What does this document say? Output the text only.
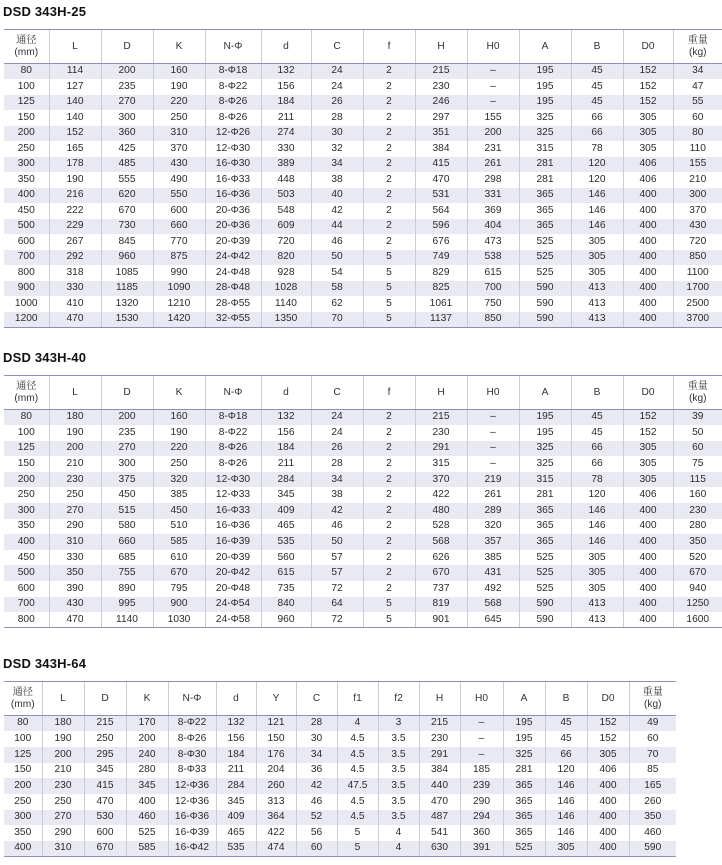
DSD 343H-25
通径
(mm)	L	D	K	N-Φ	d	C	f	H	H0	A	B	D0	重量
(kg)
80	114	200	160	8-Φ18	132	24	2	215	–	195	45	152	34
100	127	235	190	8-Φ22	156	24	2	230	–	195	45	152	47
125	140	270	220	8-Φ26	184	26	2	246	–	195	45	152	55
150	140	300	250	8-Φ26	211	28	2	297	155	325	66	305	60
200	152	360	310	12-Φ26	274	30	2	351	200	325	66	305	80
250	165	425	370	12-Φ30	330	32	2	384	231	315	78	305	110
300	178	485	430	16-Φ30	389	34	2	415	261	281	120	406	155
350	190	555	490	16-Φ33	448	38	2	470	298	281	120	406	210
400	216	620	550	16-Φ36	503	40	2	531	331	365	146	400	300
450	222	670	600	20-Φ36	548	42	2	564	369	365	146	400	370
500	229	730	660	20-Φ36	609	44	2	596	404	365	146	400	430
600	267	845	770	20-Φ39	720	46	2	676	473	525	305	400	720
700	292	960	875	24-Φ42	820	50	5	749	538	525	305	400	850
800	318	1085	990	24-Φ48	928	54	5	829	615	525	305	400	1100
900	330	1185	1090	28-Φ48	1028	58	5	825	700	590	413	400	1700
1000	410	1320	1210	28-Φ55	1140	62	5	1061	750	590	413	400	2500
1200	470	1530	1420	32-Φ55	1350	70	5	1137	850	590	413	400	3700
DSD 343H-40
通径
(mm)	L	D	K	N-Φ	d	C	f	H	H0	A	B	D0	重量
(kg)
80	180	200	160	8-Φ18	132	24	2	215	–	195	45	152	39
100	190	235	190	8-Φ22	156	24	2	230	–	195	45	152	50
125	200	270	220	8-Φ26	184	26	2	291	–	325	66	305	60
150	210	300	250	8-Φ26	211	28	2	315	–	325	66	305	75
200	230	375	320	12-Φ30	284	34	2	370	219	315	78	305	115
250	250	450	385	12-Φ33	345	38	2	422	261	281	120	406	160
300	270	515	450	16-Φ33	409	42	2	480	289	365	146	400	230
350	290	580	510	16-Φ36	465	46	2	528	320	365	146	400	280
400	310	660	585	16-Φ39	535	50	2	568	357	365	146	400	350
450	330	685	610	20-Φ39	560	57	2	626	385	525	305	400	520
500	350	755	670	20-Φ42	615	57	2	670	431	525	305	400	670
600	390	890	795	20-Φ48	735	72	2	737	492	525	305	400	940
700	430	995	900	24-Φ54	840	64	5	819	568	590	413	400	1250
800	470	1140	1030	24-Φ58	960	72	5	901	645	590	413	400	1600
DSD 343H-64
通径
(mm)	L	D	K	N-Φ	d	Y	C	f1	f2	H	H0	A	B	D0	重量
(kg)
80	180	215	170	8-Φ22	132	121	28	4	3	215	–	195	45	152	49
100	190	250	200	8-Φ26	156	150	30	4.5	3.5	230	–	195	45	152	60
125	200	295	240	8-Φ30	184	176	34	4.5	3.5	291	–	325	66	305	70
150	210	345	280	8-Φ33	211	204	36	4.5	3.5	384	185	281	120	406	85
200	230	415	345	12-Φ36	284	260	42	47.5	3.5	440	239	365	146	400	165
250	250	470	400	12-Φ36	345	313	46	4.5	3.5	470	290	365	146	400	260
300	270	530	460	16-Φ36	409	364	52	4.5	3.5	487	294	365	146	400	350
350	290	600	525	16-Φ39	465	422	56	5	4	541	360	365	146	400	460
400	310	670	585	16-Φ42	535	474	60	5	4	630	391	525	305	400	590
